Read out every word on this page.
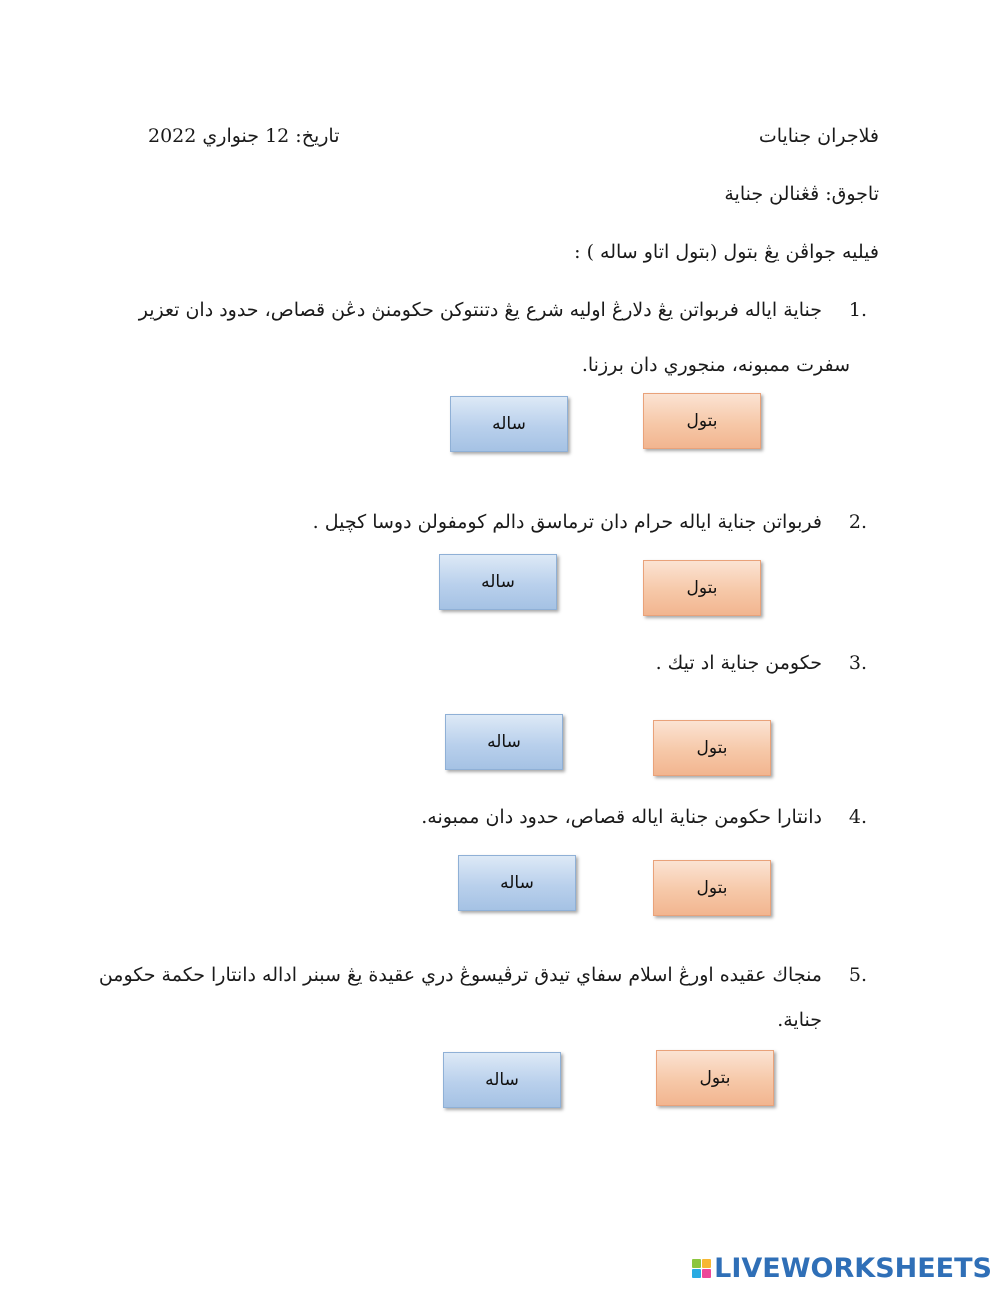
فلاجران جنايات
تاريخ: 12 جنواري 2022
تاجوق: ڤڠنالن جناية
فيليه جواڤن يڠ بتول (بتول اتاو ساله ) :
1.
جناية اياله فربواتن يڠ دلارڠ اوليه شرع يڠ دتنتوکن حکومنڽ دڠن قصاص، حدود دان تعزير
سفرت ممبونه، منجوري دان برزنا.
بتول
ساله
2.
فربواتن جناية اياله حرام دان ترماسق دالم کومفولن دوسا کچيل .
بتول
ساله
3.
حکومن جناية اد تيك .
بتول
ساله
4.
دانتارا حکومن جناية اياله قصاص، حدود دان ممبونه.
بتول
ساله
5.
منجاك عقيده اورڠ اسلام سفاي تيدق ترڤيسوڠ دري عقيدة يڠ سبنر اداله دانتارا حکمة حکومن
جناية.
بتول
ساله
LIVEWORKSHEETS
